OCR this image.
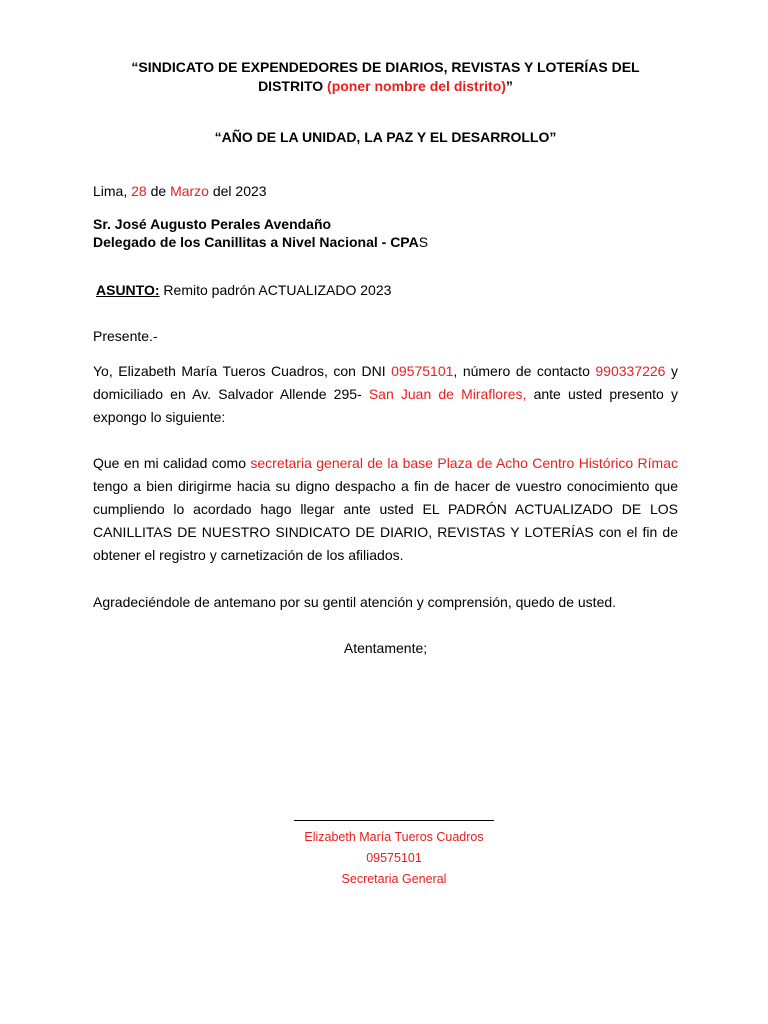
“SINDICATO DE EXPENDEDORES DE DIARIOS, REVISTAS Y LOTERÍAS DEL
DISTRITO (poner nombre del distrito)”
“AÑO DE LA UNIDAD, LA PAZ Y EL DESARROLLO”
Lima, 28 de Marzo del 2023
Sr. José Augusto Perales Avendaño
Delegado de los Canillitas a Nivel Nacional - CPAS
ASUNTO: Remito padrón ACTUALIZADO 2023
Presente.-
Yo, Elizabeth María Tueros Cuadros, con DNI 09575101, número de contacto 990337226 y domiciliado en Av. Salvador Allende 295- San Juan de Miraflores, ante usted presento y expongo lo siguiente:
Que en mi calidad como secretaria general de la base Plaza de Acho Centro Histórico Rímac tengo a bien dirigirme hacia su digno despacho a fin de hacer de vuestro conocimiento que cumpliendo lo acordado hago llegar ante usted EL PADRÓN ACTUALIZADO DE LOS CANILLITAS DE NUESTRO SINDICATO DE DIARIO, REVISTAS Y LOTERÍAS con el fin de obtener el registro y carnetización de los afiliados.
Agradeciéndole de antemano por su gentil atención y comprensión, quedo de usted.
Atentamente;
Elizabeth María Tueros Cuadros
09575101
Secretaria General
